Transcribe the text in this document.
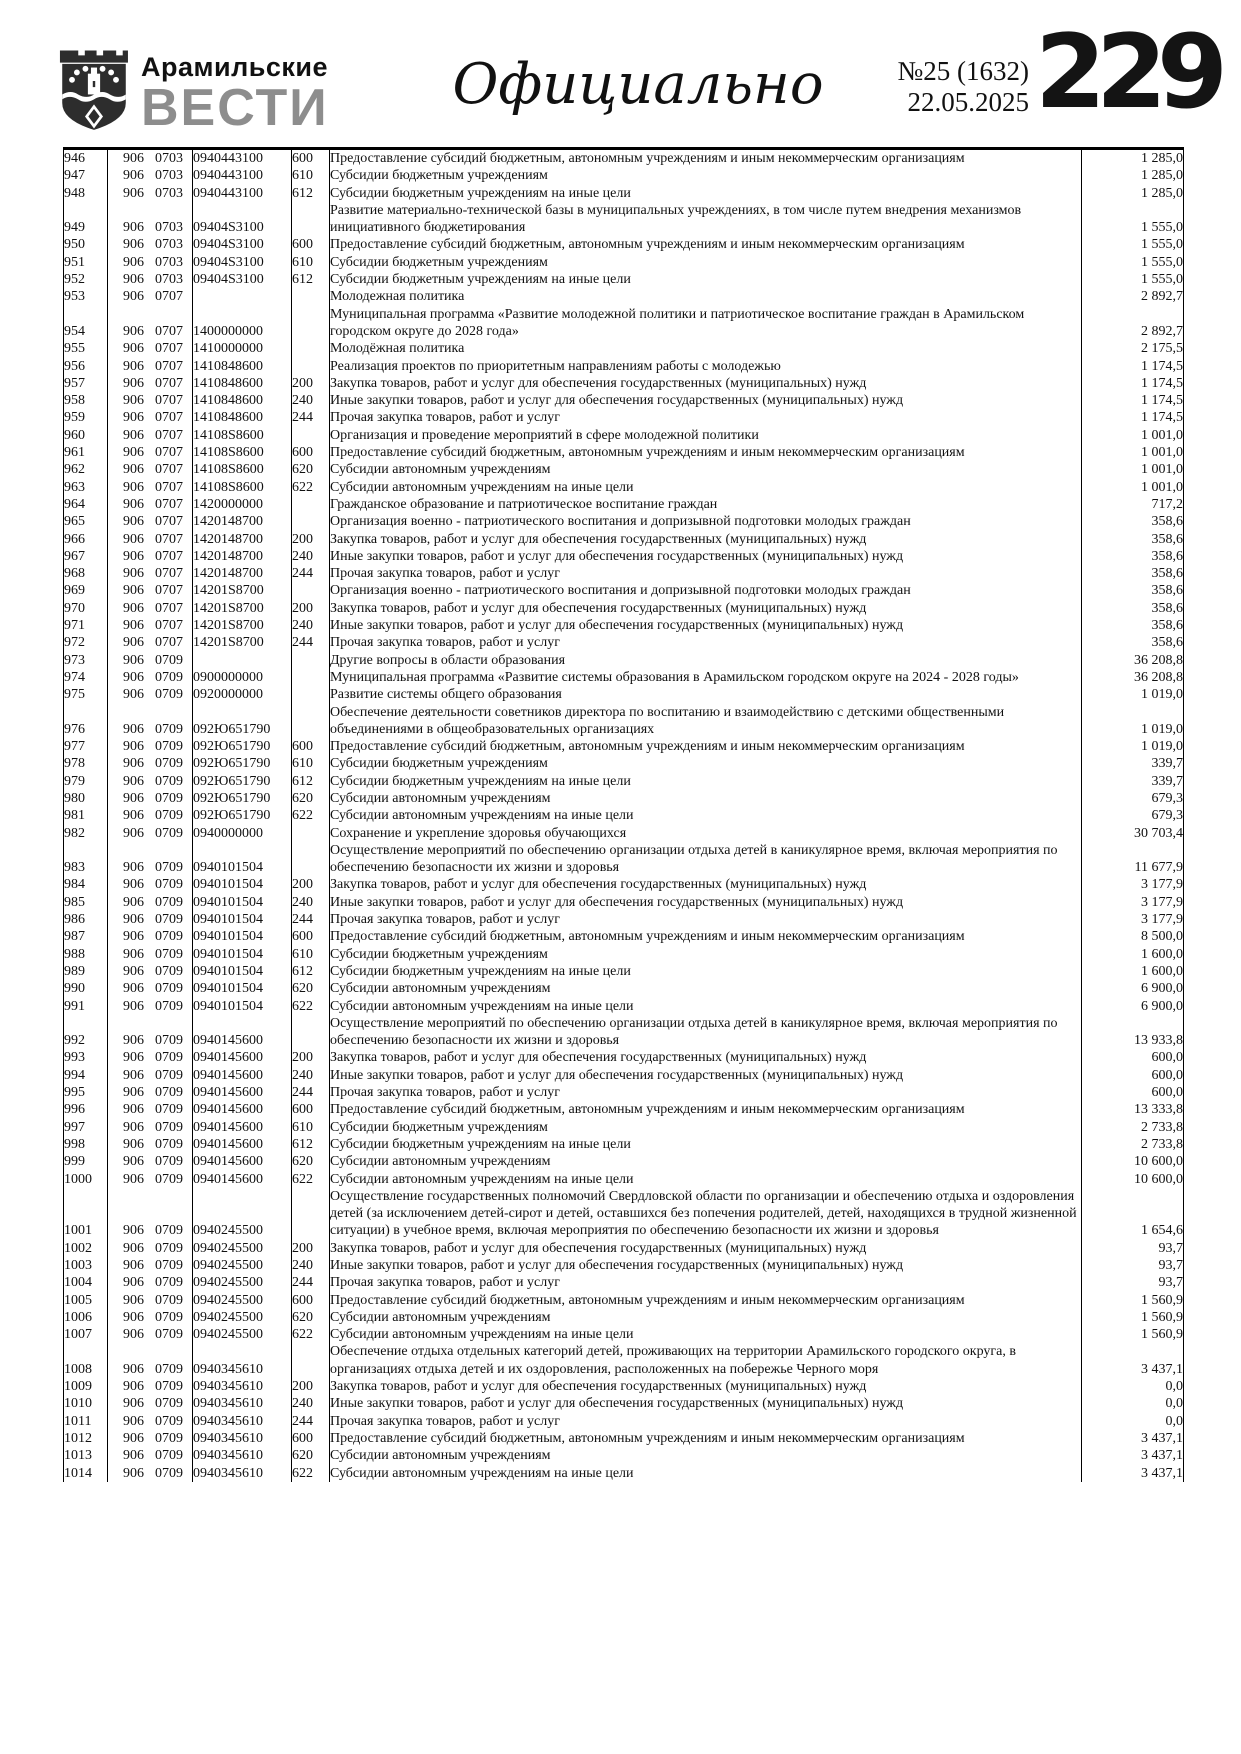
Арамильские
ВЕСТИ	Официально	№25 (1632)
22.05.2025 229
946	906 0703	0940443100	600	Предоставление субсидий бюджетным, автономным учреждениям и иным некоммерческим организациям	1 285,0
947	906 0703	0940443100	610	Субсидии бюджетным учреждениям	1 285,0
948	906 0703	0940443100	612	Субсидии бюджетным учреждениям на иные цели	1 285,0
949	906 0703	09404S3100		Развитие материально-технической базы в муниципальных учреждениях, в том числе путем внедрения механизмов инициативного бюджетирования	1 555,0
950	906 0703	09404S3100	600	Предоставление субсидий бюджетным, автономным учреждениям и иным некоммерческим организациям	1 555,0
951	906 0703	09404S3100	610	Субсидии бюджетным учреждениям	1 555,0
952	906 0703	09404S3100	612	Субсидии бюджетным учреждениям на иные цели	1 555,0
953	906 0707			Молодежная политика	2 892,7
954	906 0707	1400000000		Муниципальная программа «Развитие молодежной политики и патриотическое воспитание граждан в Арамильском городском округе до 2028 года»	2 892,7
955	906 0707	1410000000		Молодёжная политика	2 175,5
956	906 0707	1410848600		Реализация проектов по приоритетным направлениям работы с молодежью	1 174,5
957	906 0707	1410848600	200	Закупка товаров, работ и услуг для обеспечения государственных (муниципальных) нужд	1 174,5
958	906 0707	1410848600	240	Иные закупки товаров, работ и услуг для обеспечения государственных (муниципальных) нужд	1 174,5
959	906 0707	1410848600	244	Прочая закупка товаров, работ и услуг	1 174,5
960	906 0707	14108S8600		Организация и проведение мероприятий в сфере молодежной политики	1 001,0
961	906 0707	14108S8600	600	Предоставление субсидий бюджетным, автономным учреждениям и иным некоммерческим организациям	1 001,0
962	906 0707	14108S8600	620	Субсидии автономным учреждениям	1 001,0
963	906 0707	14108S8600	622	Субсидии автономным учреждениям на иные цели	1 001,0
964	906 0707	1420000000		Гражданское образование и патриотическое воспитание граждан	717,2
965	906 0707	1420148700		Организация военно - патриотического воспитания и допризывной подготовки молодых граждан	358,6
966	906 0707	1420148700	200	Закупка товаров, работ и услуг для обеспечения государственных (муниципальных) нужд	358,6
967	906 0707	1420148700	240	Иные закупки товаров, работ и услуг для обеспечения государственных (муниципальных) нужд	358,6
968	906 0707	1420148700	244	Прочая закупка товаров, работ и услуг	358,6
969	906 0707	14201S8700		Организация военно - патриотического воспитания и допризывной подготовки молодых граждан	358,6
970	906 0707	14201S8700	200	Закупка товаров, работ и услуг для обеспечения государственных (муниципальных) нужд	358,6
971	906 0707	14201S8700	240	Иные закупки товаров, работ и услуг для обеспечения государственных (муниципальных) нужд	358,6
972	906 0707	14201S8700	244	Прочая закупка товаров, работ и услуг	358,6
973	906 0709			Другие вопросы в области образования	36 208,8
974	906 0709	0900000000		Муниципальная программа «Развитие системы образования в Арамильском городском округе на 2024 - 2028 годы»	36 208,8
975	906 0709	0920000000		Развитие системы общего образования	1 019,0
976	906 0709	092Ю651790		Обеспечение деятельности советников директора по воспитанию и взаимодействию с детскими общественными объединениями в общеобразовательных организациях	1 019,0
977	906 0709	092Ю651790	600	Предоставление субсидий бюджетным, автономным учреждениям и иным некоммерческим организациям	1 019,0
978	906 0709	092Ю651790	610	Субсидии бюджетным учреждениям	339,7
979	906 0709	092Ю651790	612	Субсидии бюджетным учреждениям на иные цели	339,7
980	906 0709	092Ю651790	620	Субсидии автономным учреждениям	679,3
981	906 0709	092Ю651790	622	Субсидии автономным учреждениям на иные цели	679,3
982	906 0709	0940000000		Сохранение и укрепление здоровья обучающихся	30 703,4
983	906 0709	0940101504		Осуществление мероприятий по обеспечению организации отдыха детей в каникулярное время, включая мероприятия по обеспечению безопасности их жизни и здоровья	11 677,9
984	906 0709	0940101504	200	Закупка товаров, работ и услуг для обеспечения государственных (муниципальных) нужд	3 177,9
985	906 0709	0940101504	240	Иные закупки товаров, работ и услуг для обеспечения государственных (муниципальных) нужд	3 177,9
986	906 0709	0940101504	244	Прочая закупка товаров, работ и услуг	3 177,9
987	906 0709	0940101504	600	Предоставление субсидий бюджетным, автономным учреждениям и иным некоммерческим организациям	8 500,0
988	906 0709	0940101504	610	Субсидии бюджетным учреждениям	1 600,0
989	906 0709	0940101504	612	Субсидии бюджетным учреждениям на иные цели	1 600,0
990	906 0709	0940101504	620	Субсидии автономным учреждениям	6 900,0
991	906 0709	0940101504	622	Субсидии автономным учреждениям на иные цели	6 900,0
992	906 0709	0940145600		Осуществление мероприятий по обеспечению организации отдыха детей в каникулярное время, включая мероприятия по обеспечению безопасности их жизни и здоровья	13 933,8
993	906 0709	0940145600	200	Закупка товаров, работ и услуг для обеспечения государственных (муниципальных) нужд	600,0
994	906 0709	0940145600	240	Иные закупки товаров, работ и услуг для обеспечения государственных (муниципальных) нужд	600,0
995	906 0709	0940145600	244	Прочая закупка товаров, работ и услуг	600,0
996	906 0709	0940145600	600	Предоставление субсидий бюджетным, автономным учреждениям и иным некоммерческим организациям	13 333,8
997	906 0709	0940145600	610	Субсидии бюджетным учреждениям	2 733,8
998	906 0709	0940145600	612	Субсидии бюджетным учреждениям на иные цели	2 733,8
999	906 0709	0940145600	620	Субсидии автономным учреждениям	10 600,0
1000	906 0709	0940145600	622	Субсидии автономным учреждениям на иные цели	10 600,0
1001	906 0709	0940245500		Осуществление государственных полномочий Свердловской области по организации и обеспечению отдыха и оздоровления детей (за исключением детей-сирот и детей, оставшихся без попечения родителей, детей, находящихся в трудной жизненной ситуации) в учебное время, включая мероприятия по обеспечению безопасности их жизни и здоровья	1 654,6
1002	906 0709	0940245500	200	Закупка товаров, работ и услуг для обеспечения государственных (муниципальных) нужд	93,7
1003	906 0709	0940245500	240	Иные закупки товаров, работ и услуг для обеспечения государственных (муниципальных) нужд	93,7
1004	906 0709	0940245500	244	Прочая закупка товаров, работ и услуг	93,7
1005	906 0709	0940245500	600	Предоставление субсидий бюджетным, автономным учреждениям и иным некоммерческим организациям	1 560,9
1006	906 0709	0940245500	620	Субсидии автономным учреждениям	1 560,9
1007	906 0709	0940245500	622	Субсидии автономным учреждениям на иные цели	1 560,9
1008	906 0709	0940345610		Обеспечение отдыха отдельных категорий детей, проживающих на территории Арамильского городского округа, в организациях отдыха детей и их оздоровления, расположенных на побережье Черного моря	3 437,1
1009	906 0709	0940345610	200	Закупка товаров, работ и услуг для обеспечения государственных (муниципальных) нужд	0,0
1010	906 0709	0940345610	240	Иные закупки товаров, работ и услуг для обеспечения государственных (муниципальных) нужд	0,0
1011	906 0709	0940345610	244	Прочая закупка товаров, работ и услуг	0,0
1012	906 0709	0940345610	600	Предоставление субсидий бюджетным, автономным учреждениям и иным некоммерческим организациям	3 437,1
1013	906 0709	0940345610	620	Субсидии автономным учреждениям	3 437,1
1014	906 0709	0940345610	622	Субсидии автономным учреждениям на иные цели	3 437,1
